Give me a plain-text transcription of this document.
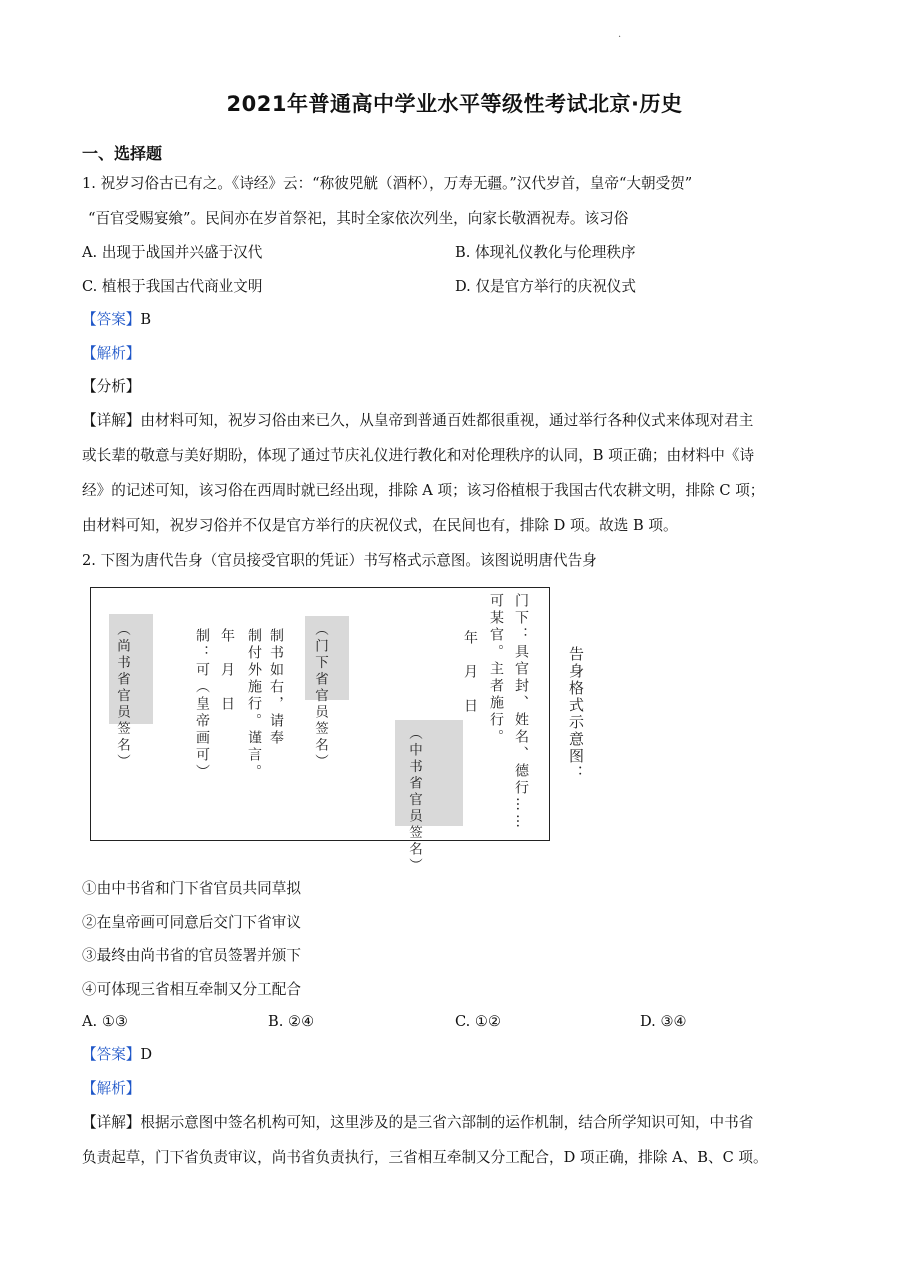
·
2021年普通高中学业水平等级性考试北京·历史
一、选择题
1. 祝岁习俗古已有之。《诗经》云：“称彼兕觥（酒杯），万寿无疆。”汉代岁首，皇帝“大朝受贺”
“百官受赐宴飨”。民间亦在岁首祭祀，其时全家依次列坐，向家长敬酒祝寿。该习俗
A. 出现于战国并兴盛于汉代	B. 体现礼仪教化与伦理秩序
C. 植根于我国古代商业文明	D. 仅是官方举行的庆祝仪式
【答案】B
【解析】
【分析】
【详解】由材料可知，祝岁习俗由来已久，从皇帝到普通百姓都很重视，通过举行各种仪式来体现对君主
或长辈的敬意与美好期盼，体现了通过节庆礼仪进行教化和对伦理秩序的认同，B 项正确；由材料中《诗
经》的记述可知，该习俗在西周时就已经出现，排除 A 项；该习俗植根于我国古代农耕文明，排除 C 项；
由材料可知，祝岁习俗并不仅是官方举行的庆祝仪式，在民间也有，排除 D 项。故选 B 项。
2. 下图为唐代告身（官员接受官职的凭证）书写格式示意图。该图说明唐代告身
门下：具官封、姓名、德行……
可某官。主者施行。
年　月　日
（中书省官员签名）
（门下省官员签名）
制书如右，请奉
制付外施行。谨言。
年　月　日
制：可（皇帝画可）
（尚书省官员签名）	告身格式示意图：
①由中书省和门下省官员共同草拟
②在皇帝画可同意后交门下省审议
③最终由尚书省的官员签署并颁下
④可体现三省相互牵制又分工配合
A. ①③	B. ②④	C. ①②	D. ③④
【答案】D
【解析】
【详解】根据示意图中签名机构可知，这里涉及的是三省六部制的运作机制，结合所学知识可知，中书省
负责起草，门下省负责审议，尚书省负责执行，三省相互牵制又分工配合，D 项正确，排除 A、B、C 项。
